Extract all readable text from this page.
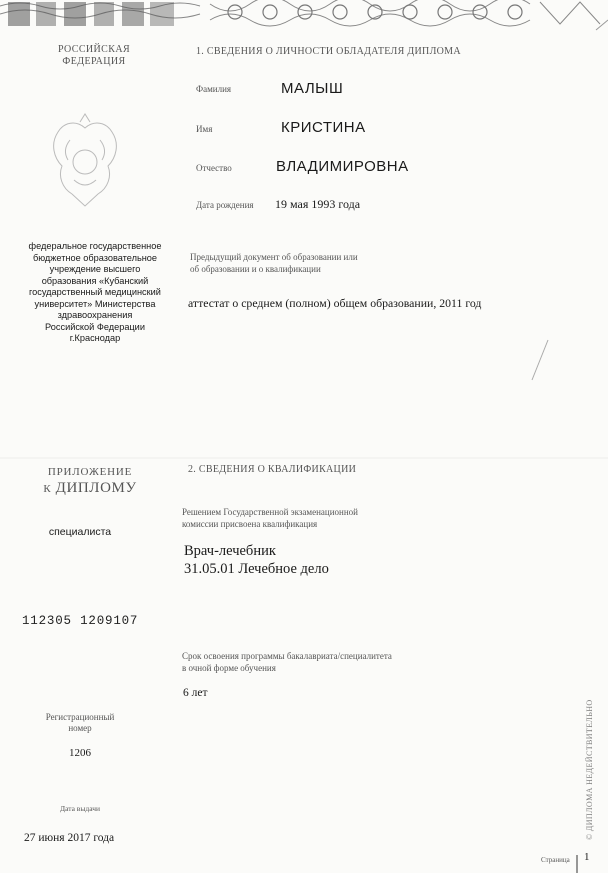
РОССИЙСКАЯ
ФЕДЕРАЦИЯ
федеральное государственное
бюджетное образовательное
учреждение высшего
образования «Кубанский
государственный медицинский
университет» Министерства
здравоохранения
Российской Федерации
г.Краснодар
ПРИЛОЖЕНИЕ
К ДИПЛОМУ
специалиста
112305 1209107
Регистрационный
номер
1206
Дата выдачи
27 июня 2017 года
1. СВЕДЕНИЯ О ЛИЧНОСТИ ОБЛАДАТЕЛЯ ДИПЛОМА
Фамилия	МАЛЫШ
Имя	КРИСТИНА
Отчество	ВЛАДИМИРОВНА
Дата рождения 19 мая 1993 года
Предыдущий документ об образовании или
об образовании и о квалификации
аттестат о среднем (полном) общем образовании, 2011 год
2. СВЕДЕНИЯ О КВАЛИФИКАЦИИ
Решением Государственной экзаменационной
комиссии присвоена квалификация
Врач-лечебник
31.05.01 Лечебное дело
Срок освоения программы бакалавриата/специалитета
в очной форме обучения
6 лет
Страница 1
© ДИПЛОМА НЕДЕЙСТВИТЕЛЬНО
